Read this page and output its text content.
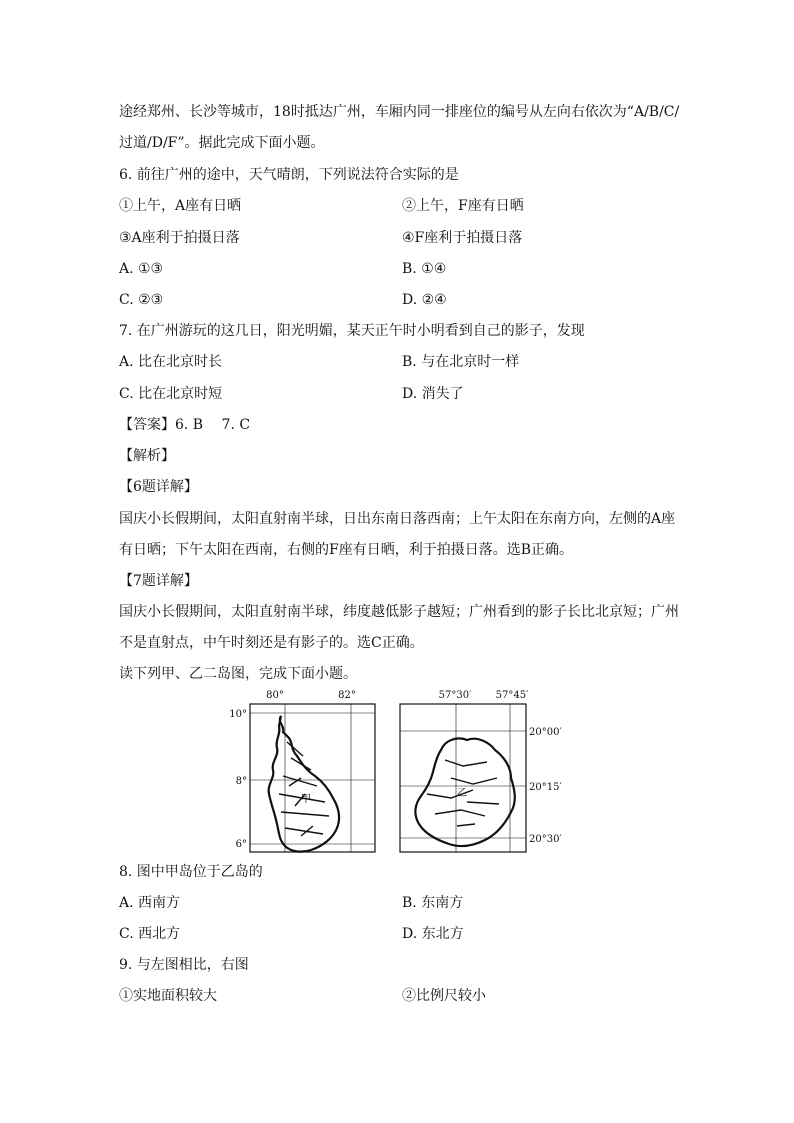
途经郑州、长沙等城市，18时抵达广州，车厢内同一排座位的编号从左向右依次为“A/B/C/
过道/D/F”。据此完成下面小题。
6. 前往广州的途中，天气晴朗，下列说法符合实际的是
①上午，A座有日晒	②上午，F座有日晒
③A座利于拍摄日落	④F座利于拍摄日落
A. ①③	B. ①④
C. ②③	D. ②④
7. 在广州游玩的这几日，阳光明媚，某天正午时小明看到自己的影子，发现
A. 比在北京时长	B. 与在北京时一样
C. 比在北京时短	D. 消失了
【答案】6. B　 7. C
【解析】
【6题详解】
国庆小长假期间，太阳直射南半球，日出东南日落西南；上午太阳在东南方向，左侧的A座
有日晒；下午太阳在西南，右侧的F座有日晒，利于拍摄日落。选B正确。
【7题详解】
国庆小长假期间，太阳直射南半球，纬度越低影子越短；广州看到的影子长比北京短；广州
不是直射点，中午时刻还是有影子的。选C正确。
读下列甲、乙二岛图，完成下面小题。
80°	82°
10°
8°
6°
甲
57°30′ 57°45′
20°00′
20°15′
20°30′
乙
8. 图中甲岛位于乙岛的
A. 西南方	B. 东南方
C. 西北方	D. 东北方
9. 与左图相比，右图
①实地面积较大	②比例尺较小
